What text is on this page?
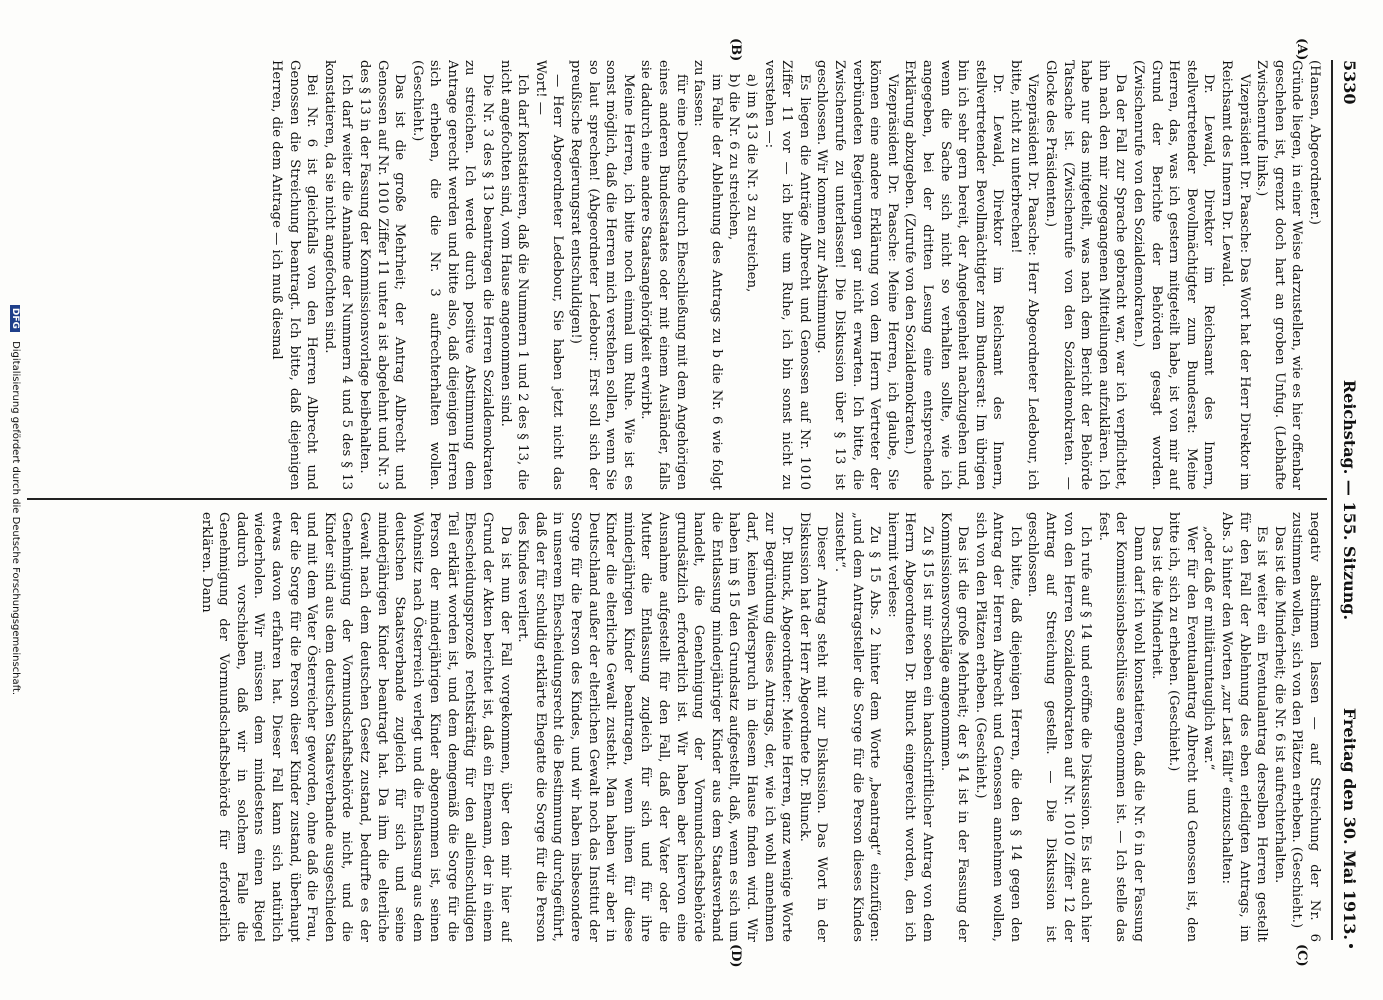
5330
Reichstag. — 155. Sitzung.
Freitag den 30. Mai 1913.
(A)
(B)
(C)
(D)

(Hansen, Abgeordneter.)

Gründe liegen, in einer Weise darzustellen, wie es hier offenbar geschehen ist, grenzt doch hart an groben Unfug. (Lebhafte Zwischenrufe links.)

Vizepräsident Dr. Paasche: Das Wort hat der Herr Direktor im Reichsamt des Innern Dr. Lewald.

Dr. Lewald, Direktor im Reichsamt des Innern, stellvertretender Bevollmächtigter zum Bundesrat: Meine Herren, das, was ich gestern mitgeteilt habe, ist von mir auf Grund der Berichte der Behörden gesagt worden. (Zwischenrufe von den Sozialdemokraten.)

Da der Fall zur Sprache gebracht war, war ich verpflichtet, ihn nach den mir zugegangenen Mitteilungen aufzuklären. Ich habe nur das mitgeteilt, was nach dem Bericht der Behörde Tatsache ist. (Zwischenrufe von den Sozialdemokraten. — Glocke des Präsidenten.)

Vizepräsident Dr. Paasche: Herr Abgeordneter Ledebour, ich bitte, nicht zu unterbrechen!

Dr. Lewald, Direktor im Reichsamt des Innern, stellvertretender Bevollmächtigter zum Bundesrat: Im übrigen bin ich sehr gern bereit, der Angelegenheit nachzugehen und, wenn die Sache sich nicht so verhalten sollte, wie ich angegeben, bei der dritten Lesung eine entsprechende Erklärung abzugeben. (Zurufe von den Sozialdemokraten.)

Vizepräsident Dr. Paasche: Meine Herren, ich glaube, Sie können eine andere Erklärung von dem Herrn Vertreter der verbündeten Regierungen gar nicht erwarten. Ich bitte, die Zwischenrufe zu unterlassen! Die Diskussion über § 13 ist geschlossen. Wir kommen zur Abstimmung.

Es liegen die Anträge Albrecht und Genossen auf Nr. 1010 Ziffer 11 vor — ich bitte um Ruhe, ich bin sonst nicht zu verstehen —:

a) im § 13 die Nr. 3 zu streichen,

b) die Nr. 6 zu streichen,

im Falle der Ablehnung des Antrags zu b die Nr. 6 wie folgt zu fassen:

für eine Deutsche durch Eheschließung mit dem Angehörigen eines anderen Bundesstaates oder mit einem Ausländer, falls sie dadurch eine andere Staatsangehörigkeit erwirbt.

Meine Herren, ich bitte noch einmal um Ruhe. Wie ist es sonst möglich, daß die Herren mich verstehen sollen, wenn Sie so laut sprechen! (Abgeordneter Ledebour: Erst soll sich der preußische Regierungsrat entschuldigen!)

— Herr Abgeordneter Ledebour, Sie haben jetzt nicht das Wort! —

Ich darf konstatieren, daß die Nummern 1 und 2 des § 13, die nicht angefochten sind, vom Hause angenommen sind.

Die Nr. 3 des § 13 beantragen die Herren Sozialdemokraten zu streichen. Ich werde durch positive Abstimmung dem Antrage gerecht werden und bitte also, daß diejenigen Herren sich erheben, die die Nr. 3 aufrechterhalten wollen. (Geschieht.)

Das ist die große Mehrheit; der Antrag Albrecht und Genossen auf Nr. 1010 Ziffer 11 unter a ist abgelehnt und Nr. 3 des § 13 in der Fassung der Kommissionsvorlage beibehalten.

Ich darf weiter die Annahme der Nummern 4 und 5 des § 13 konstatieren, da sie nicht angefochten sind.

Bei Nr. 6 ist gleichfalls von den Herren Albrecht und Genossen die Streichung beantragt. Ich bitte, daß diejenigen Herren, die dem Antrage — ich muß diesmal

negativ abstimmen lassen — auf Streichung der Nr. 6 zustimmen wollen, sich von den Plätzen erheben. (Geschieht.)

Das ist die Minderheit; die Nr. 6 ist aufrechterhalten.

Es ist weiter ein Eventualantrag derselben Herren gestellt für den Fall der Ablehnung des eben erledigten Antrags, im Abs. 3 hinter den Worten „zur Last fällt“ einzuschalten:

„oder daß er militäruntauglich war.“

Wer für den Eventualantrag Albrecht und Genossen ist, den bitte ich, sich zu erheben. (Geschieht.)

Das ist die Minderheit.

Dann darf ich wohl konstatieren, daß die Nr. 6 in der Fassung der Kommissionsbeschlüsse angenommen ist. — Ich stelle das fest.

Ich rufe auf § 14 und eröffne die Diskussion. Es ist auch hier von den Herren Sozialdemokraten auf Nr. 1010 Ziffer 12 der Antrag auf Streichung gestellt. — Die Diskussion ist geschlossen.

Ich bitte, daß diejenigen Herren, die den § 14 gegen den Antrag der Herren Albrecht und Genossen annehmen wollen, sich von den Plätzen erheben. (Geschieht.)

Das ist die große Mehrheit; der § 14 ist in der Fassung der Kommissionsvorschläge angenommen.

Zu § 15 ist mir soeben ein handschriftlicher Antrag von dem Herrn Abgeordneten Dr. Blunck eingereicht worden, den ich hiermit verlese:

Zu § 15 Abs. 2 hinter dem Worte „beantragt“ einzufügen: „und dem Antragsteller die Sorge für die Person dieses Kindes zusteht“.

Dieser Antrag steht mit zur Diskussion. Das Wort in der Diskussion hat der Herr Abgeordnete Dr. Blunck.

Dr. Blunck, Abgeordneter: Meine Herren, ganz wenige Worte zur Begründung dieses Antrags, der, wie ich wohl annehmen darf, keinen Widerspruch in diesem Hause finden wird. Wir haben im § 15 den Grundsatz aufgestellt, daß, wenn es sich um die Entlassung minderjähriger Kinder aus dem Staatsverband handelt, die Genehmigung der Vormundschaftsbehörde grundsätzlich erforderlich ist. Wir haben aber hiervon eine Ausnahme aufgestellt für den Fall, daß der Vater oder die Mutter die Entlassung zugleich für sich und für ihre minderjährigen Kinder beantragen, wenn ihnen für diese Kinder die elterliche Gewalt zusteht. Man haben wir aber in Deutschland außer der elterlichen Gewalt noch das Institut der Sorge für die Person des Kindes, und wir haben insbesondere in unserem Ehescheidungsrecht die Bestimmung durchgeführt, daß der für schuldig erklärte Ehegatte die Sorge für die Person des Kindes verliert.

Da ist nun der Fall vorgekommen, über den mir hier auf Grund der Akten berichtet ist, daß ein Ehemann, der in einem Ehescheidungsprozeß rechtskräftig für den alleinschuldigen Teil erklärt worden ist, und dem demgemäß die Sorge für die Person der minderjährigen Kinder abgenommen ist, seinen Wohnsitz nach Österreich verlegt und die Entlassung aus dem deutschen Staatsverbande zugleich für sich und seine minderjährigen Kinder beantragt hat. Da ihm die elterliche Gewalt nach dem deutschen Gesetz zustand, bedurfte es der Genehmigung der Vormundschaftsbehörde nicht, und die Kinder sind aus dem deutschen Staatsverbande ausgeschieden und mit dem Vater Österreicher geworden, ohne daß die Frau, der die Sorge für die Person dieser Kinder zustand, überhaupt etwas davon erfahren hat. Dieser Fall kann sich natürlich wiederholen. Wir müssen dem mindestens einen Riegel dadurch vorschieben, daß wir in solchem Falle die Genehmigung der Vormundschaftsbehörde für erforderlich erklären. Dann

DFG Digitalisierung gefördert durch die Deutsche Forschungsgemeinschaft.
